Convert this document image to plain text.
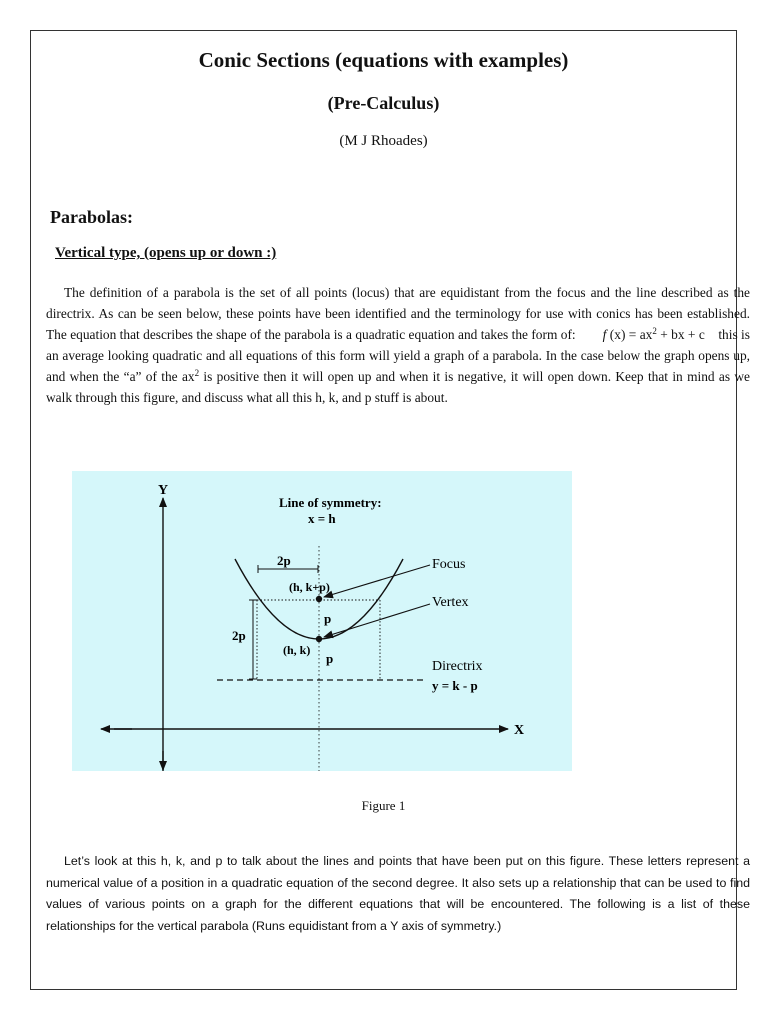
Conic Sections (equations with examples)
(Pre-Calculus)
(M J Rhoades)
Parabolas:
Vertical type, (opens up or down :)
The definition of a parabola is the set of all points (locus) that are equidistant from the focus and the line described as the directrix. As can be seen below, these points have been identified and the terminology for use with conics has been established. The equation that describes the shape of the parabola is a quadratic equation and takes the form of: f $(x) = ax^2$ + bx + c this is an average looking quadratic and all equations of this form will yield a graph of a parabola. In the case below the graph opens up, and when the “a” of the $ax^2$ is positive then it will open up and when it is negative, it will open down. Keep that in mind as we walk through this figure, and discuss what all this h, k, and p stuff is about.
Y
X
Line of symmetry:
x = h
Directrix
y = k - p
2p
2p
(h, k+p)
(h, k)
p
p
Focus
Vertex
Figure 1
Let’s look at this h, k, and p to talk about the lines and points that have been put on this figure. These letters represent a numerical value of a position in a quadratic equation of the second degree. It also sets up a relationship that can be used to find values of various points on a graph for the different equations that will be encountered. The following is a list of these relationships for the vertical parabola (Runs equidistant from a Y axis of symmetry.)
